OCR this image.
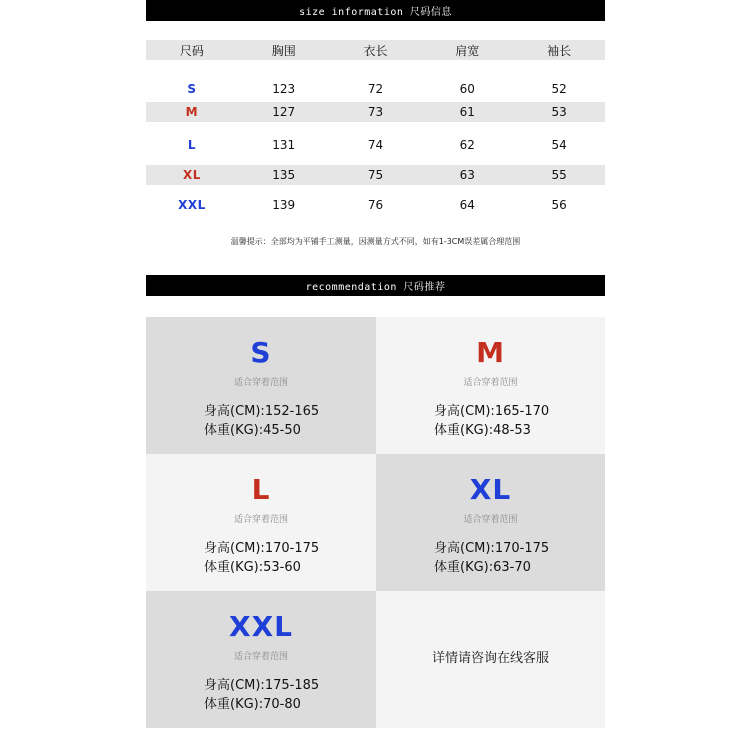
size information 尺码信息
尺码	胸围	衣长	肩宽	袖长
S	123	72	60	52
M	127	73	61	53
L	131	74	62	54
XL	135	75	63	55
XXL	139	76	64	56
温馨提示：全部均为平铺手工测量，因测量方式不同，如有1-3CM误差属合理范围
recommendation 尺码推荐
S
适合穿着范围
身高(CM):152-165
体重(KG):45-50
M
适合穿着范围
身高(CM):165-170
体重(KG):48-53
L
适合穿着范围
身高(CM):170-175
体重(KG):53-60
XL
适合穿着范围
身高(CM):170-175
体重(KG):63-70
XXL
适合穿着范围
身高(CM):175-185
体重(KG):70-80
详情请咨询在线客服
